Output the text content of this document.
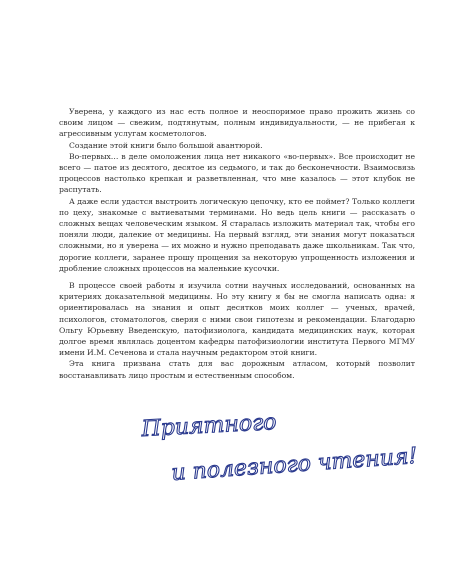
Уверена, у каждого из нас есть полное и неоспоримое право прожить жизнь со своим лицом — свежим, подтянутым, полным индивидуальности, — не прибегая к агрессивным услугам косметологов.

Создание этой книги было большой авантюрой.

Во-первых… в деле омоложения лица нет никакого «во-первых». Все происходит не всего — патое из десятого, десятое из седьмого, и так до бесконечности. Взаимосвязь процессов настолько крепкая и разветвленная, что мне казалось — этот клубок не распутать.

А даже если удастся выстроить логическую цепочку, кто ее поймет? Только коллеги по цеху, знакомые с вытиеватыми терминами. Но ведь цель книги — рассказать о сложных вещах человеческим языком. Я старалась изложить материал так, чтобы его поняли люди, далекие от медицины. На первый взгляд, эти знания могут показаться сложными, но я уверена — их можно и нужно преподавать даже школьникам. Так что, дорогие коллеги, заранее прошу прощения за некоторую упрощенность изложения и дробление сложных процессов на маленькие кусочки.

В процессе своей работы я изучила сотни научных исследований, основанных на критериях доказательной медицины. Но эту книгу я бы не смогла написать одна: я ориентировалась на знания и опыт десятков моих коллег — ученых, врачей, психологов, стоматологов, сверяя с ними свои гипотезы и рекомендации. Благодарю Ольгу Юрьевну Введенскую, патофизиолога, кандидата медицинских наук, которая долгое время являлась доцентом кафедры патофизиологии института Первого МГМУ имени И.М. Сеченова и стала научным редактором этой книги.

Эта книга призвана стать для вас дорожным атласом, который позволит восстанавливать лицо простым и естественным способом.

Приятного
и полезного чтения!
